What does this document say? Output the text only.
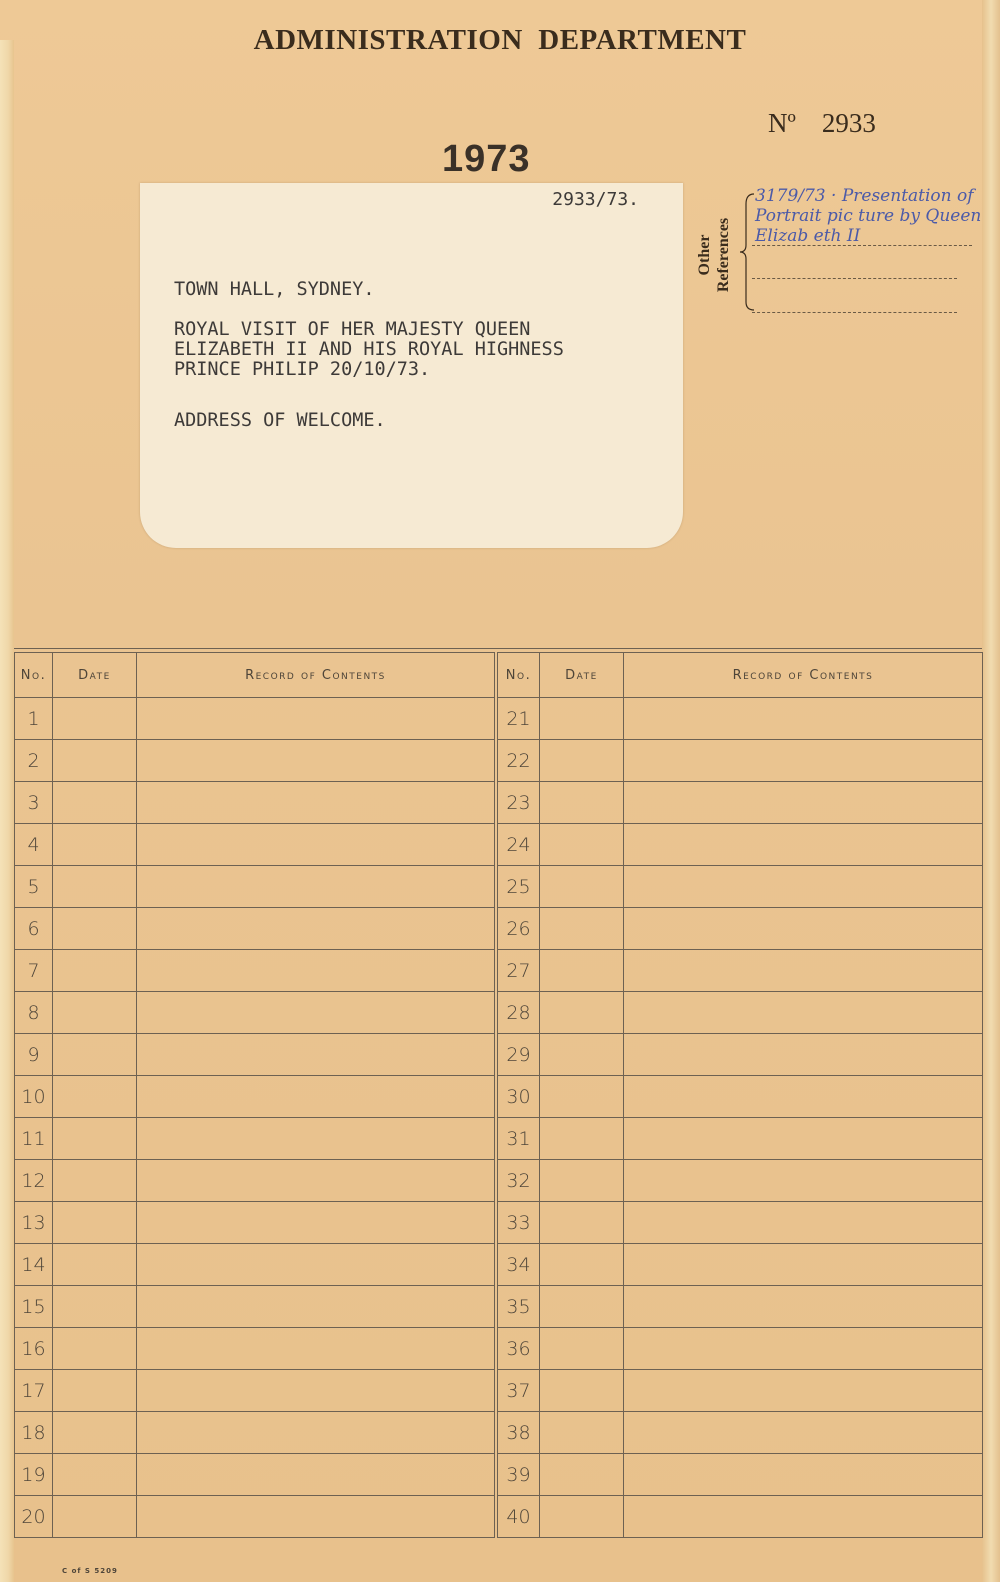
ADMINISTRATION  DEPARTMENT
Nº 2933
1973
2933/73.
TOWN HALL, SYDNEY.
ROYAL VISIT OF HER MAJESTY QUEEN
ELIZABETH II AND HIS ROYAL HIGHNESS
PRINCE PHILIP 20/10/73.
ADDRESS OF WELCOME.
Other References
3179/73 · Presentation of Portrait pic ture by Queen Elizab eth II
No.	Date	Record of Contents
1		
2		
3		
4		
5		
6		
7		
8		
9		
10		
11		
12		
13		
14		
15		
16		
17		
18		
19		
20		
No.	Date	Record of Contents
21		
22		
23		
24		
25		
26		
27		
28		
29		
30		
31		
32		
33		
34		
35		
36		
37		
38		
39		
40		
C of S 5209
